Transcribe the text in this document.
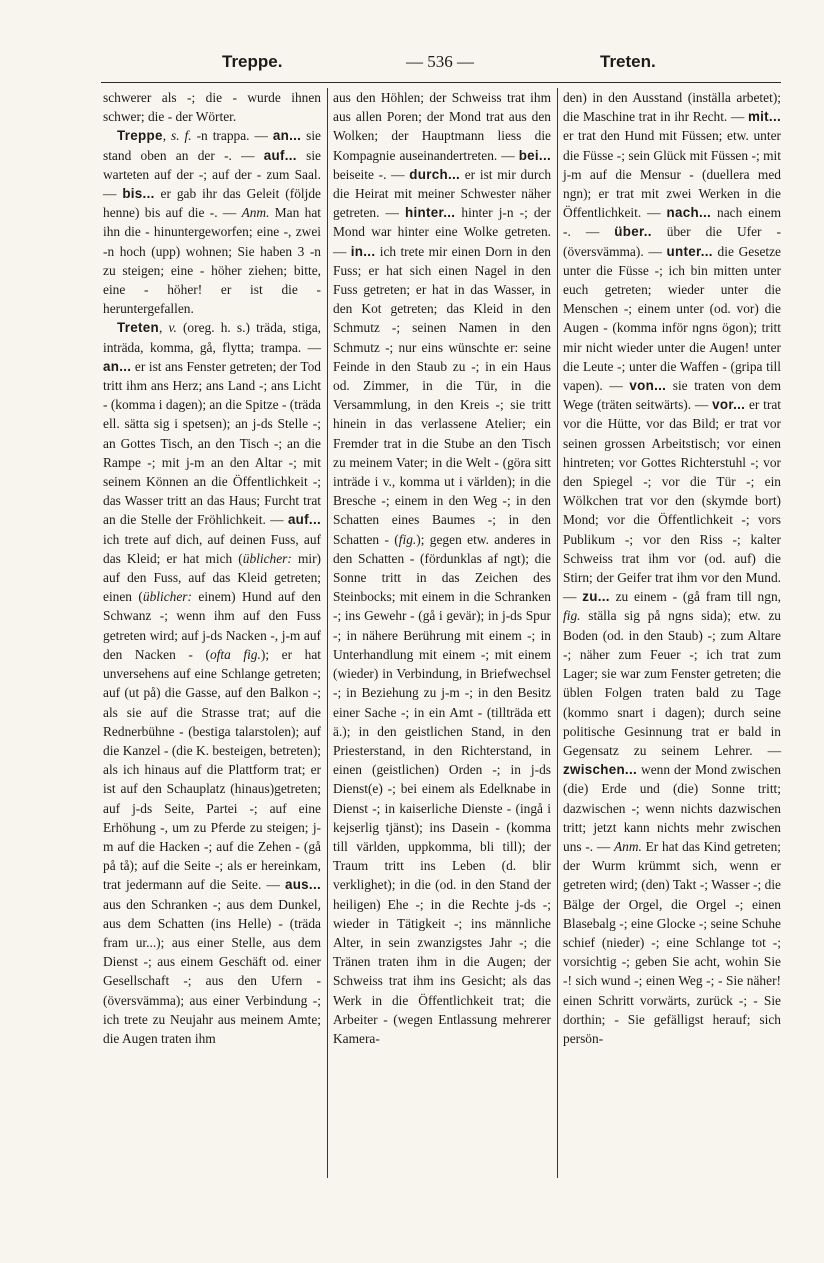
Treppe.	— 536 —	Treten.

schwerer als -; die - wurde ihnen schwer; die - der Wörter.

Treppe, s. f. -n trappa. — an... sie stand oben an der -. — auf... sie warteten auf der -; auf der - zum Saal. — bis... er gab ihr das Geleit (följde henne) bis auf die -. — Anm. Man hat ihn die - hinuntergeworfen; eine -, zwei -n hoch (upp) wohnen; Sie haben 3 -n zu steigen; eine - höher ziehen; bitte, eine - höher! er ist die - heruntergefallen.

Treten, v. (oreg. h. s.) träda, stiga, inträda, komma, gå, flytta; trampa. — an... er ist ans Fenster getreten; der Tod tritt ihm ans Herz; ans Land -; ans Licht - (komma i dagen); an die Spitze - (träda ell. sätta sig i spetsen); an j-ds Stelle -; an Gottes Tisch, an den Tisch -; an die Rampe -; mit j-m an den Altar -; mit seinem Können an die Öffentlichkeit -; das Wasser tritt an das Haus; Furcht trat an die Stelle der Fröhlichkeit. — auf... ich trete auf dich, auf deinen Fuss, auf das Kleid; er hat mich (üblicher: mir) auf den Fuss, auf das Kleid getreten; einen (üblicher: einem) Hund auf den Schwanz -; wenn ihm auf den Fuss getreten wird; auf j-ds Nacken -, j-m auf den Nacken - (ofta fig.); er hat unversehens auf eine Schlange getreten; auf (ut på) die Gasse, auf den Balkon -; als sie auf die Strasse trat; auf die Rednerbühne - (bestiga talarstolen); auf die Kanzel - (die K. besteigen, betreten); als ich hinaus auf die Plattform trat; er ist auf den Schauplatz (hinaus)getreten; auf j-ds Seite, Partei -; auf eine Erhöhung -, um zu Pferde zu steigen; j-m auf die Hacken -; auf die Zehen - (gå på tå); auf die Seite -; als er hereinkam, trat jedermann auf die Seite. — aus... aus den Schranken -; aus dem Dunkel, aus dem Schatten (ins Helle) - (träda fram ur...); aus einer Stelle, aus dem Dienst -; aus einem Geschäft od. einer Gesellschaft -; aus den Ufern - (översvämma); aus einer Verbindung -; ich trete zu Neujahr aus meinem Amte; die Augen traten ihm

aus den Höhlen; der Schweiss trat ihm aus allen Poren; der Mond trat aus den Wolken; der Hauptmann liess die Kompagnie auseinandertreten. — bei... beiseite -. — durch... er ist mir durch die Heirat mit meiner Schwester näher getreten. — hinter... hinter j-n -; der Mond war hinter eine Wolke getreten. — in... ich trete mir einen Dorn in den Fuss; er hat sich einen Nagel in den Fuss getreten; er hat in das Wasser, in den Kot getreten; das Kleid in den Schmutz -; seinen Namen in den Schmutz -; nur eins wünschte er: seine Feinde in den Staub zu -; in ein Haus od. Zimmer, in die Tür, in die Versammlung, in den Kreis -; sie tritt hinein in das verlassene Atelier; ein Fremder trat in die Stube an den Tisch zu meinem Vater; in die Welt - (göra sitt inträde i v., komma ut i världen); in die Bresche -; einem in den Weg -; in den Schatten eines Baumes -; in den Schatten - (fig.); gegen etw. anderes in den Schatten - (fördunklas af ngt); die Sonne tritt in das Zeichen des Steinbocks; mit einem in die Schranken -; ins Gewehr - (gå i gevär); in j-ds Spur -; in nähere Berührung mit einem -; in Unterhandlung mit einem -; mit einem (wieder) in Verbindung, in Briefwechsel -; in Beziehung zu j-m -; in den Besitz einer Sache -; in ein Amt - (tillträda ett ä.); in den geistlichen Stand, in den Priesterstand, in den Richterstand, in einen (geistlichen) Orden -; in j-ds Dienst(e) -; bei einem als Edelknabe in Dienst -; in kaiserliche Dienste - (ingå i kejserlig tjänst); ins Dasein - (komma till världen, uppkomma, bli till); der Traum tritt ins Leben (d. blir verklighet); in die (od. in den Stand der heiligen) Ehe -; in die Rechte j-ds -; wieder in Tätigkeit -; ins männliche Alter, in sein zwanzigstes Jahr -; die Tränen traten ihm in die Augen; der Schweiss trat ihm ins Gesicht; als das Werk in die Öffentlichkeit trat; die Arbeiter - (wegen Entlassung mehrerer Kamera-

den) in den Ausstand (inställa arbetet); die Maschine trat in ihr Recht. — mit... er trat den Hund mit Füssen; etw. unter die Füsse -; sein Glück mit Füssen -; mit j-m auf die Mensur - (duellera med ngn); er trat mit zwei Werken in die Öffentlichkeit. — nach... nach einem -. — über.. über die Ufer - (översvämma). — unter... die Gesetze unter die Füsse -; ich bin mitten unter euch getreten; wieder unter die Menschen -; einem unter (od. vor) die Augen - (komma inför ngns ögon); tritt mir nicht wieder unter die Augen! unter die Leute -; unter die Waffen - (gripa till vapen). — von... sie traten von dem Wege (träten seitwärts). — vor... er trat vor die Hütte, vor das Bild; er trat vor seinen grossen Arbeitstisch; vor einen hintreten; vor Gottes Richterstuhl -; vor den Spiegel -; vor die Tür -; ein Wölkchen trat vor den (skymde bort) Mond; vor die Öffentlichkeit -; vors Publikum -; vor den Riss -; kalter Schweiss trat ihm vor (od. auf) die Stirn; der Geifer trat ihm vor den Mund. — zu... zu einem - (gå fram till ngn, fig. ställa sig på ngns sida); etw. zu Boden (od. in den Staub) -; zum Altare -; näher zum Feuer -; ich trat zum Lager; sie war zum Fenster getreten; die üblen Folgen traten bald zu Tage (kommo snart i dagen); durch seine politische Gesinnung trat er bald in Gegensatz zu seinem Lehrer. — zwischen... wenn der Mond zwischen (die) Erde und (die) Sonne tritt; dazwischen -; wenn nichts dazwischen tritt; jetzt kann nichts mehr zwischen uns -. — Anm. Er hat das Kind getreten; der Wurm krümmt sich, wenn er getreten wird; (den) Takt -; Wasser -; die Bälge der Orgel, die Orgel -; einen Blasebalg -; eine Glocke -; seine Schuhe schief (nieder) -; eine Schlange tot -; vorsichtig -; geben Sie acht, wohin Sie -! sich wund -; einen Weg -; - Sie näher! einen Schritt vorwärts, zurück -; - Sie dorthin; - Sie gefälligst herauf; sich persön-
